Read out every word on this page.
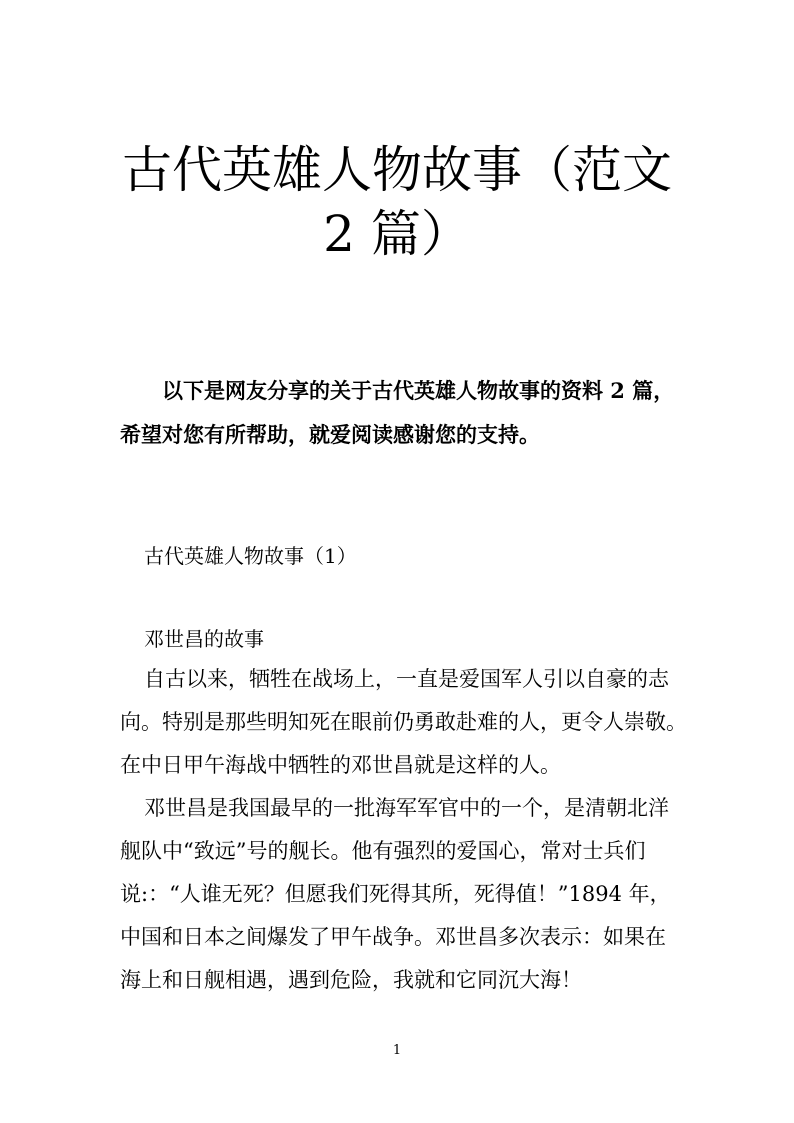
古代英雄人物故事（范文
2 篇）

以下是网友分享的关于古代英雄人物故事的资料 2 篇，

希望对您有所帮助，就爱阅读感谢您的支持。

古代英雄人物故事（1）

邓世昌的故事

自古以来，牺牲在战场上，一直是爱国军人引以自豪的志

向。特别是那些明知死在眼前仍勇敢赴难的人，更令人崇敬。

在中日甲午海战中牺牲的邓世昌就是这样的人。

邓世昌是我国最早的一批海军军官中的一个，是清朝北洋

舰队中“致远”号的舰长。他有强烈的爱国心，常对士兵们

说:：“人谁无死？但愿我们死得其所，死得值！”1894 年，

中国和日本之间爆发了甲午战争。邓世昌多次表示：如果在

海上和日舰相遇，遇到危险，我就和它同沉大海！

1
